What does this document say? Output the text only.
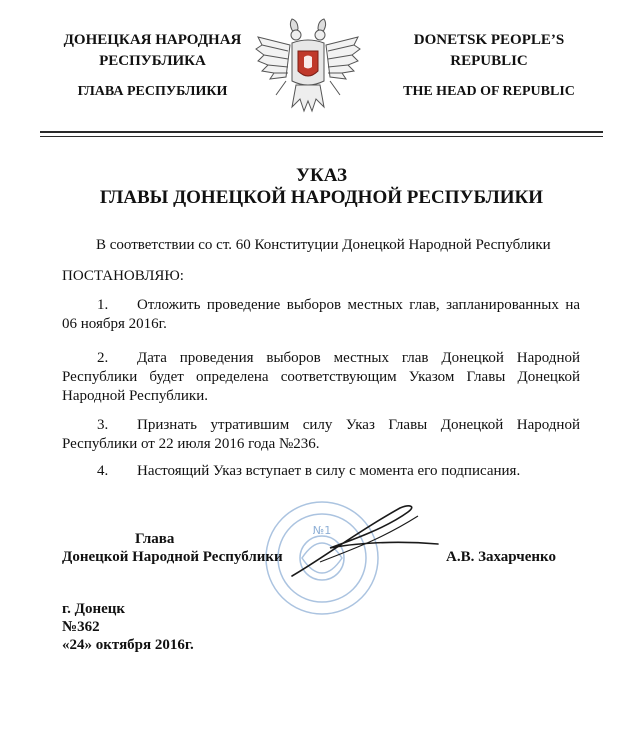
ДОНЕЦКАЯ НАРОДНАЯ
РЕСПУБЛИКА
ГЛАВА РЕСПУБЛИКИ
DONETSK PEOPLE’S
REPUBLIC
THE HEAD OF REPUBLIC
УКАЗ
ГЛАВЫ ДОНЕЦКОЙ НАРОДНОЙ РЕСПУБЛИКИ
В соответствии со ст. 60 Конституции Донецкой Народной Республики
ПОСТАНОВЛЯЮ:
1. Отложить проведение выборов местных глав, запланированных на 06 ноября 2016г.
2. Дата проведения выборов местных глав Донецкой Народной Республики будет определена соответствующим Указом Главы Донецкой Народной Республики.
3. Признать утратившим силу Указ Главы Донецкой Народной Республики от 22 июля 2016 года №236.
4. Настоящий Указ вступает в силу с момента его подписания.
№1
Глава
Донецкой Народной Республики	А.В. Захарченко
г. Донецк
№362
«24» октября 2016г.
